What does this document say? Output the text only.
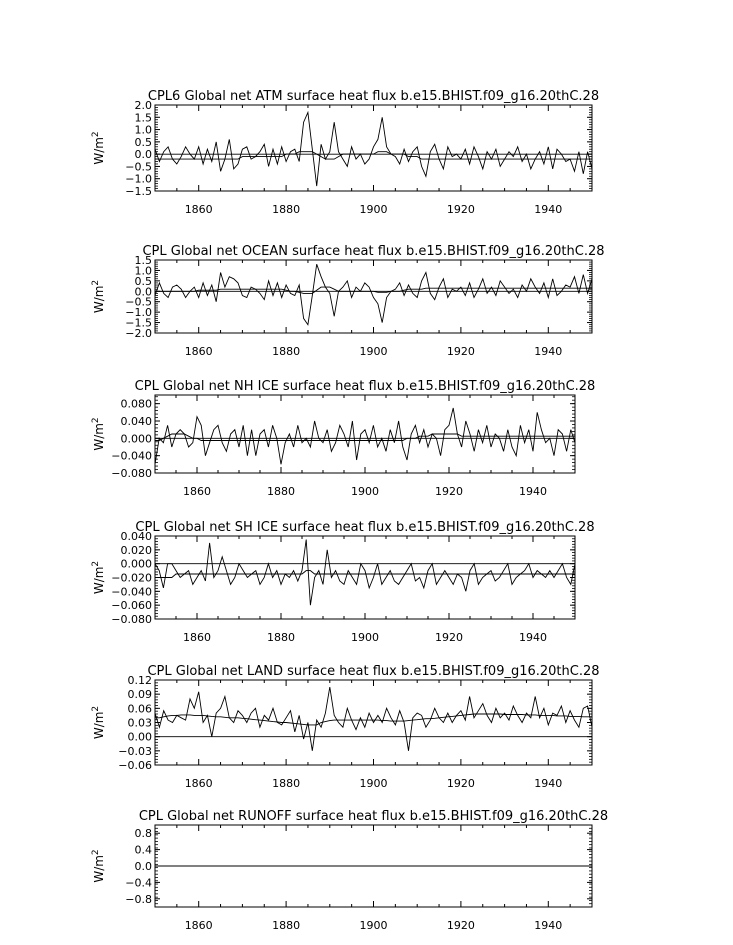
CPL6 Global net ATM surface heat flux b.e15.BHIST.f09_g16.20thC.28
$W/m^2$
−1.5
−1.0
−0.5
0.0
0.5
1.0
1.5
2.0
1860	1880	1900	1920	1940
CPL Global net OCEAN surface heat flux b.e15.BHIST.f09_g16.20thC.28
$W/m^2$
−2.0
−1.5
−1.0
−0.5
0.0
0.5
1.0
1.5
1860	1880	1900	1920	1940
CPL Global net NH ICE surface heat flux b.e15.BHIST.f09_g16.20thC.28
$W/m^2$
−0.080
−0.040
0.000
0.040
0.080
1860	1880	1900	1920	1940
CPL Global net SH ICE surface heat flux b.e15.BHIST.f09_g16.20thC.28
$W/m^2$
−0.080
−0.060
−0.040
−0.020
0.000
0.020
0.040
1860	1880	1900	1920	1940
CPL Global net LAND surface heat flux b.e15.BHIST.f09_g16.20thC.28
$W/m^2$
−0.06
−0.03
0.00
0.03
0.06
0.09
0.12
1860	1880	1900	1920	1940
CPL Global net RUNOFF surface heat flux b.e15.BHIST.f09_g16.20thC.28
$W/m^2$
−0.8
−0.4
0.0
0.4
0.8
1860	1880	1900	1920	1940
